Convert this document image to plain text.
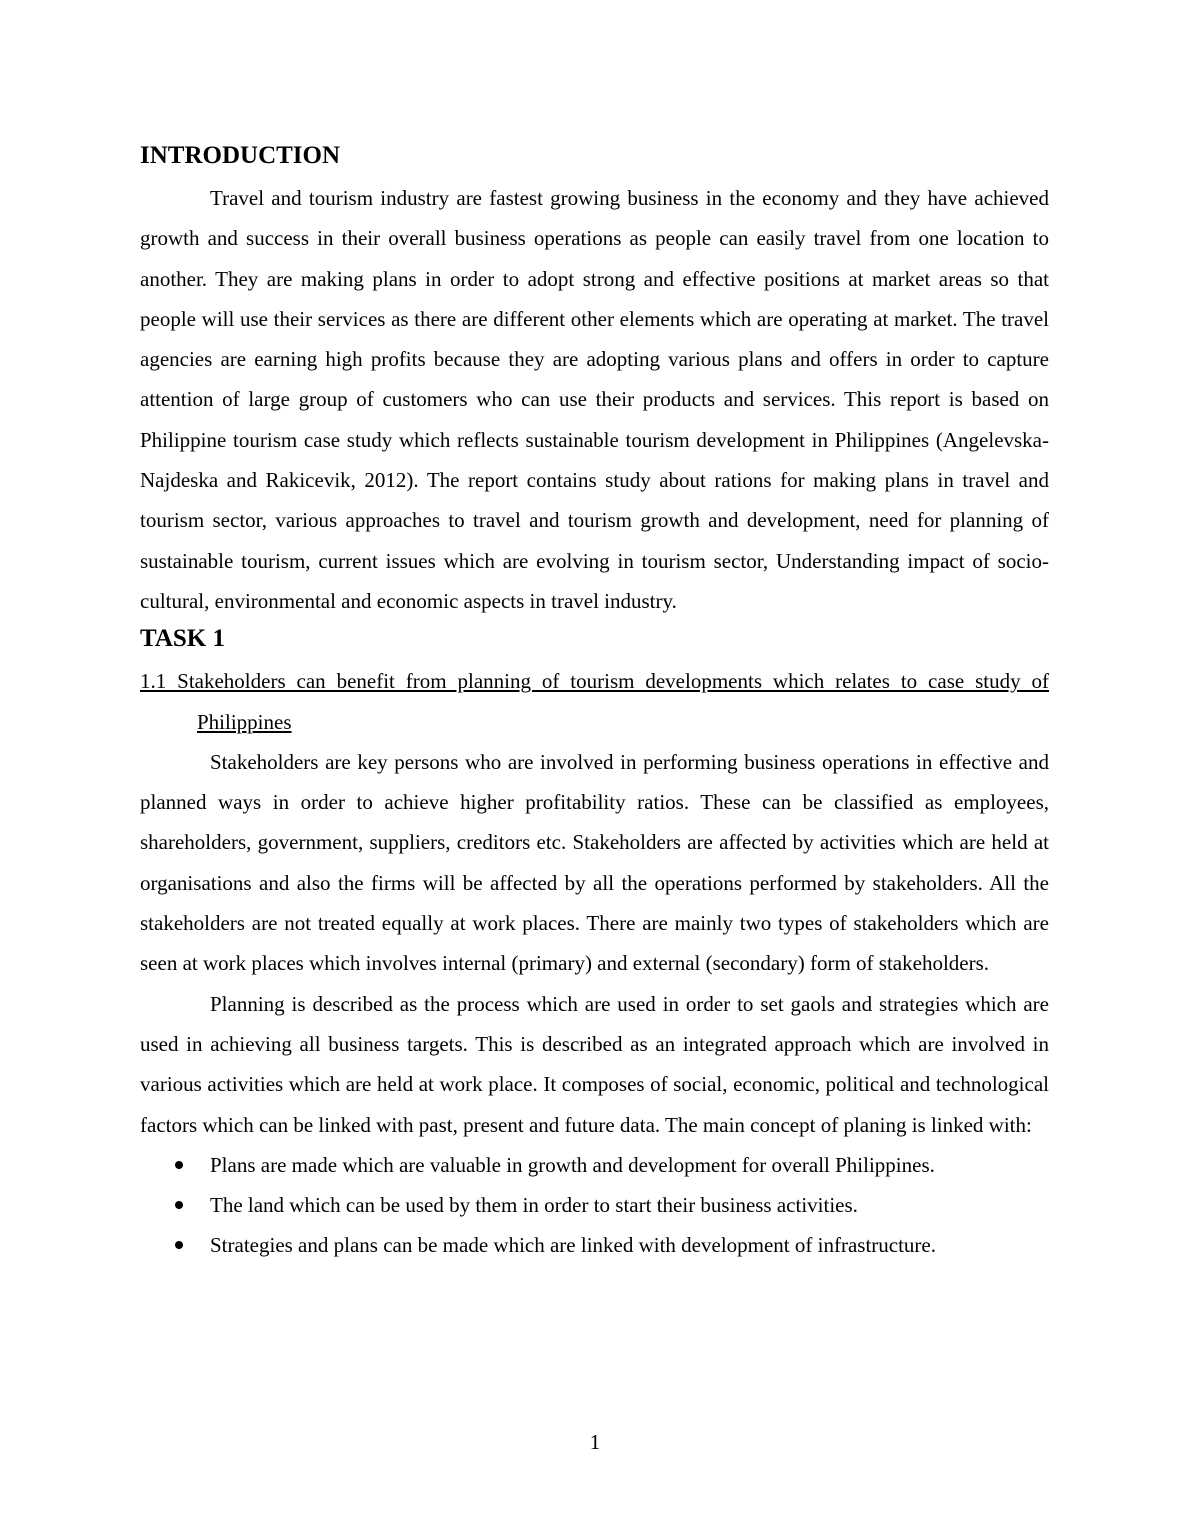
INTRODUCTION

Travel and tourism industry are fastest growing business in the economy and they have achieved growth and success in their overall business operations as people can easily travel from one location to another. They are making plans in order to adopt strong and effective positions at market areas so that people will use their services as there are different other elements which are operating at market. The travel agencies are earning high profits because they are adopting various plans and offers in order to capture attention of large group of customers who can use their products and services. This report is based on Philippine tourism case study which reflects sustainable tourism development in Philippines (Angelevska-Najdeska and Rakicevik, 2012). The report contains study about rations for making plans in travel and tourism sector, various approaches to travel and tourism growth and development, need for planning of sustainable tourism, current issues which are evolving in tourism sector, Understanding impact of socio-cultural, environmental and economic aspects in travel industry.

TASK 1

1.1 Stakeholders can benefit from planning of tourism developments which relates to case study of Philippines

Stakeholders are key persons who are involved in performing business operations in effective and planned ways in order to achieve higher profitability ratios. These can be classified as employees, shareholders, government, suppliers, creditors etc. Stakeholders are affected by activities which are held at organisations and also the firms will be affected by all the operations performed by stakeholders. All the stakeholders are not treated equally at work places. There are mainly two types of stakeholders which are seen at work places which involves internal (primary) and external (secondary) form of stakeholders.

Planning is described as the process which are used in order to set gaols and strategies which are used in achieving all business targets. This is described as an integrated approach which are involved in various activities which are held at work place. It composes of social, economic, political and technological factors which can be linked with past, present and future data. The main concept of planing is linked with:

Plans are made which are valuable in growth and development for overall Philippines.
The land which can be used by them in order to start their business activities.
Strategies and plans can be made which are linked with development of infrastructure.
1
